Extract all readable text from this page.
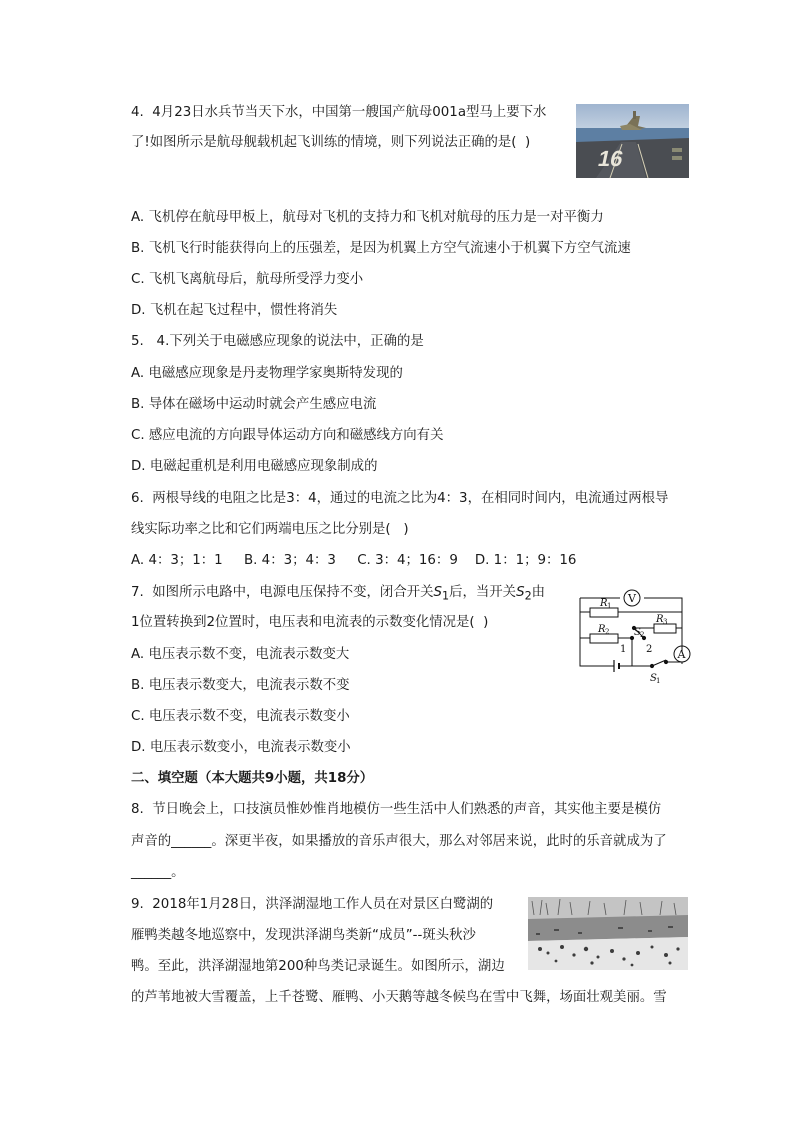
4.  4月23日水兵节当天下水，中国第一艘国产航母001a型马上要下水
了!如图所示是航母舰载机起飞训练的情境，则下列说法正确的是(  )
16
A. 飞机停在航母甲板上，航母对飞机的支持力和飞机对航母的压力是一对平衡力
B. 飞机飞行时能获得向上的压强差，是因为机翼上方空气流速小于机翼下方空气流速
C. 飞机飞离航母后，航母所受浮力变小
D. 飞机在起飞过程中，惯性将消失
5.   4.下列关于电磁感应现象的说法中，正确的是
A. 电磁感应现象是丹麦物理学家奥斯特发现的
B. 导体在磁场中运动时就会产生感应电流
C. 感应电流的方向跟导体运动方向和磁感线方向有关
D. 电磁起重机是利用电磁感应现象制成的
6.  两根导线的电阻之比是3：4，通过的电流之比为4：3，在相同时间内，电流通过两根导
线实际功率之比和它们两端电压之比分别是(   )
A. 4：3；1：1     B. 4：3；4：3     C. 3：4；16：9    D. 1：1；9：16
7.  如图所示电路中，电源电压保持不变，闭合开关$S_1$后，当开关$S_2$由
1位置转换到2位置时，电压表和电流表的示数变化情况是(  )
A. 电压表示数不变，电流表示数变大
B. 电压表示数变大，电流表示数不变
C. 电压表示数不变，电流表示数变小
D. 电压表示数变小，电流表示数变小
V
A
R 1
R 2
R 3
S 2
1 2
S 1
二、填空题（本大题共9小题，共18分）
8.  节日晚会上，口技演员惟妙惟肖地模仿一些生活中人们熟悉的声音，其实他主要是模仿
声音的______。深更半夜，如果播放的音乐声很大，那么对邻居来说，此时的乐音就成为了
______。
9.  2018年1月28日，洪泽湖湿地工作人员在对景区白鹭湖的
雁鸭类越冬地巡察中，发现洪泽湖鸟类新“成员”--斑头秋沙
鸭。至此，洪泽湖湿地第200种鸟类记录诞生。如图所示，湖边
的芦苇地被大雪覆盖，上千苍鹭、雁鸭、小天鹅等越冬候鸟在雪中飞舞，场面壮观美丽。雪
